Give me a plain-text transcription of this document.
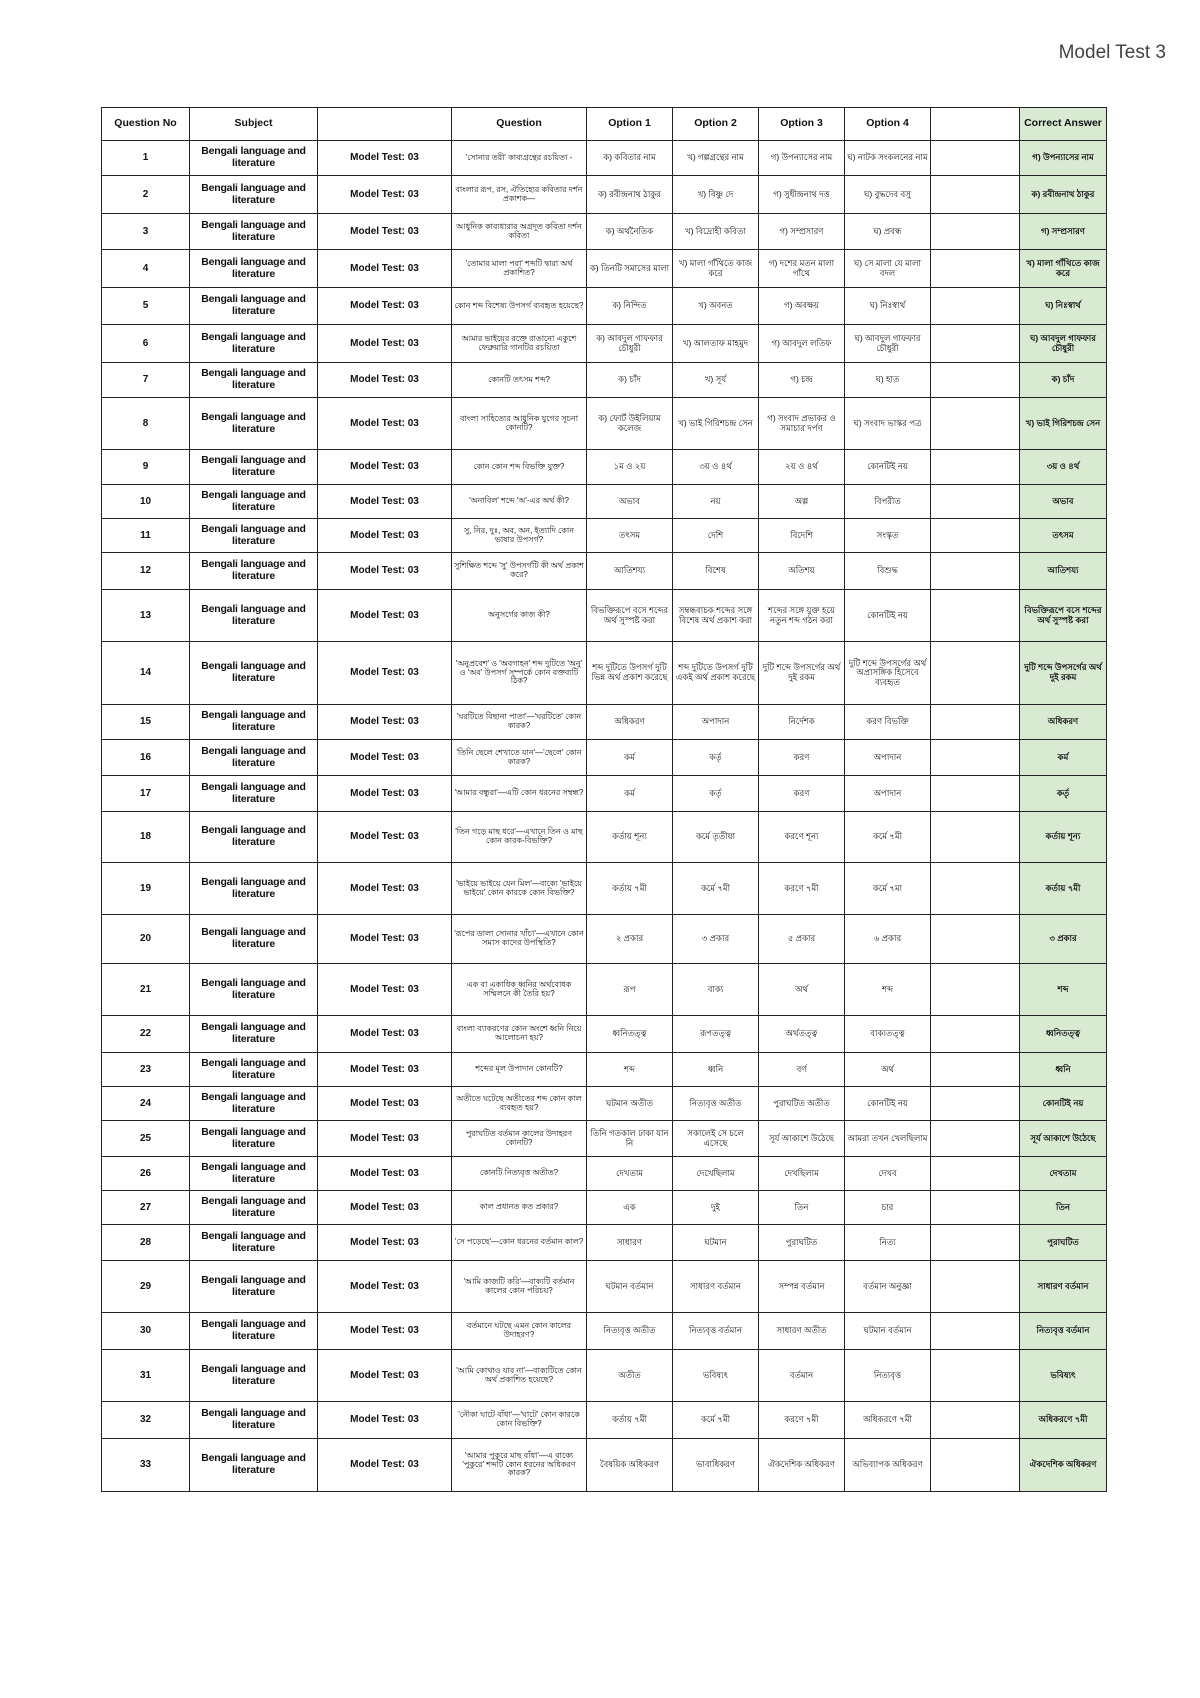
Model Test 3
Question No	Subject		Question	Option 1	Option 2	Option 3	Option 4		Correct Answer
1	Bengali language and literature	Model Test: 03	'সোনার তরী' কাব্যগ্রন্থের রচয়িতা -	ক) কবিতার নাম	খ) গল্পগ্রন্থের নাম	গ) উপন্যাসের নাম	ঘ) নাটক সংকলনের নাম		গ) উপন্যাসের নাম
2	Bengali language and literature	Model Test: 03	বাংলার রূপ, রস, ঐতিহ্যের কবিতার দর্শন প্রকাশক—	ক) রবীন্দ্রনাথ ঠাকুর	খ) বিষ্ণু দে	গ) সুধীন্দ্রনাথ দত্ত	ঘ) বুদ্ধদেব বসু		ক) রবীন্দ্রনাথ ঠাকুর
3	Bengali language and literature	Model Test: 03	আধুনিক কাব্যধারার অগ্রদূত কবিতা দর্শন কবিতা	ক) অর্থনৈতিক	খ) বিদ্রোহী কবিতা	গ) সম্প্রসারণ	ঘ) প্রবন্ধ		গ) সম্প্রসারণ
4	Bengali language and literature	Model Test: 03	'তোমার মালা পরা' শব্দটি দ্বারা অর্থ প্রকাশিত?	ক) তিনটি সমাসের মালা	খ) মালা গাঁথিতে কাজ করে	গ) দশের মতন মালা গাঁথে	ঘ) সে মালা যে মালা বদল		খ) মালা গাঁথিতে কাজ করে
5	Bengali language and literature	Model Test: 03	কোন শব্দ বিশেষ্য উপসর্গ ব্যবহৃত হয়েছে?	ক) নিন্দিত	খ) অবনত	গ) অবক্ষয়	ঘ) নিঃস্বার্থ		ঘ) নিঃস্বার্থ
6	Bengali language and literature	Model Test: 03	আমার ভাইয়ের রক্তে রাঙানো একুশে ফেব্রুয়ারি গানটির রচয়িতা	ক) আবদুল গাফফার চৌধুরী	খ) আলতাফ মাহমুদ	গ) আবদুল লতিফ	ঘ) আবদুল গাফফার চৌধুরী		ঘ) আবদুল গাফফার চৌধুরী
7	Bengali language and literature	Model Test: 03	কোনটি তৎসম শব্দ?	ক) চাঁদ	খ) সূর্য	গ) চন্দ্র	ঘ) হাত		ক) চাঁদ
8	Bengali language and literature	Model Test: 03	বাংলা সাহিত্যের আধুনিক যুগের সূচনা কোনটি?	ক) ফোর্ট উইলিয়াম কলেজ	খ) ভাই গিরিশচন্দ্র সেন	গ) সংবাদ প্রভাকর ও সমাচার দর্পণ	ঘ) সংবাদ ভাস্কর পত্র		খ) ভাই গিরিশচন্দ্র সেন
9	Bengali language and literature	Model Test: 03	কোন কোন শব্দ বিভক্তি যুক্ত?	১ম ও ২য়	৩য় ও ৪র্থ	২য় ও ৪র্থ	কোনটিই নয়		৩য় ও ৪র্থ
10	Bengali language and literature	Model Test: 03	'অনাবিল' শব্দে 'অ'-এর অর্থ কী?	অভাব	নয়	অল্প	বিপরীত		অভাব
11	Bengali language and literature	Model Test: 03	সু, নির, দুঃ, অব, অন, ইত্যাদি কোন ভাষার উপসর্গ?	তৎসম	দেশি	বিদেশি	সংস্কৃত		তৎসম
12	Bengali language and literature	Model Test: 03	সুশিক্ষিত শব্দে 'সু' উপসর্গটি কী অর্থ প্রকাশ করে?	আতিশয্য	বিশেষ	অতিশয়	বিশুদ্ধ		আতিশয্য
13	Bengali language and literature	Model Test: 03	অনুসর্গের কাজ কী?	বিভক্তিরূপে বসে শব্দের অর্থ সুস্পষ্ট করা	সম্বন্ধবাচক শব্দের সঙ্গে বিশেষ অর্থ প্রকাশ করা	শব্দের সঙ্গে যুক্ত হয়ে নতুন শব্দ গঠন করা	কোনটিই নয়		বিভক্তিরূপে বসে শব্দের অর্থ সুস্পষ্ট করা
14	Bengali language and literature	Model Test: 03	'অনুপ্রবেশ' ও 'অবগাহন' শব্দ দুটিতে 'অনু' ও 'অব' উপসর্গ সম্পর্কে কোন বক্তব্যটি ঠিক?	শব্দ দুটিতে উপসর্গ দুটি ভিন্ন অর্থ প্রকাশ করেছে	শব্দ দুটিতে উপসর্গ দুটি একই অর্থ প্রকাশ করেছে	দুটি শব্দে উপসর্গের অর্থ দুই রকম	দুটি শব্দে উপসর্গের অর্থ অপ্রাসঙ্গিক হিসেবে ব্যবহৃত		দুটি শব্দে উপসর্গের অর্থ দুই রকম
15	Bengali language and literature	Model Test: 03	'ঘরটিতে বিছানা পাতা'—'ঘরটিতে' কোন কারক?	অধিকরণ	অপাদান	নির্দেশক	করণ বিভক্তি		অধিকরণ
16	Bengali language and literature	Model Test: 03	'তিনি ছেলে শেখাতে যান'—'ছেলে' কোন কারক?	কর্ম	কর্তৃ	করণ	অপাদান		কর্ম
17	Bengali language and literature	Model Test: 03	'আমার বন্ধুরা'—এটি কোন ধরনের সম্বন্ধ?	কর্ম	কর্তৃ	করণ	অপাদান		কর্তৃ
18	Bengali language and literature	Model Test: 03	'তিন গড়ে মাছ ধরে'—এখানে তিন ও মাছ কোন কারক-বিভক্তি?	কর্তায় শূন্য	কর্মে তৃতীয়া	করণে শূন্য	কর্মে ৭মী		কর্তায় শূন্য
19	Bengali language and literature	Model Test: 03	'ভাইয়ে ভাইয়ে যেন মিল'—বাক্যে 'ভাইয়ে ভাইয়ে' কোন কারকে কোন বিভক্তি?	কর্তায় ৭মী	কর্মে ৭মী	করণে ৭মী	কর্মে ৭মা		কর্তায় ৭মী
20	Bengali language and literature	Model Test: 03	'রূপের ডালা সোনার খাঁচা'—এখানে কোন সমাস কাদের উপস্থিতি?	২ প্রকার	৩ প্রকার	৫ প্রকার	৬ প্রকার		৩ প্রকার
21	Bengali language and literature	Model Test: 03	এক বা একাধিক ধ্বনির অর্থবোধক সম্মিলনে কী তৈরি হয়?	রূপ	বাক্য	অর্থ	শব্দ		শব্দ
22	Bengali language and literature	Model Test: 03	বাংলা ব্যাকরণের কোন অংশে ধ্বনি নিয়ে আলোচনা হয়?	ধ্বনিতত্ত্ব	রূপতত্ত্ব	অর্থতত্ত্ব	বাক্যতত্ত্ব		ধ্বনিতত্ত্ব
23	Bengali language and literature	Model Test: 03	শব্দের মূল উপাদান কোনটি?	শব্দ	ধ্বনি	বর্ণ	অর্থ		ধ্বনি
24	Bengali language and literature	Model Test: 03	অতীতে ঘটেছে অতীতের শব্দ কোন কাল ব্যবহৃত হয়?	ঘটমান অতীত	নিত্যবৃত্ত অতীত	পুরাঘটিত অতীত	কোনটিই নয়		কোনটিই নয়
25	Bengali language and literature	Model Test: 03	পুরাঘটিত বর্তমান কালের উদাহরণ কোনটি?	তিনি গতকাল ঢাকা যান নি	সকালেই সে চলে এসেছে	সূর্য আকাশে উঠেছে	আমরা তখন খেলছিলাম		সূর্য আকাশে উঠেছে
26	Bengali language and literature	Model Test: 03	কোনটি নিত্যবৃত্ত অতীত?	দেখতাম	দেখেছিলাম	দেখছিলাম	দেখব		দেখতাম
27	Bengali language and literature	Model Test: 03	কাল প্রধানত কত প্রকার?	এক	দুই	তিন	চার		তিন
28	Bengali language and literature	Model Test: 03	'সে পড়েছে'—কোন ধরনের বর্তমান কাল?	সাধারণ	ঘটমান	পুরাঘটিত	নিত্য		পুরাঘটিত
29	Bengali language and literature	Model Test: 03	'আমি কাজটি করি'—বাক্যটি বর্তমান কালের কোন পরিচয়?	ঘটমান বর্তমান	সাধারণ বর্তমান	সম্পন্ন বর্তমান	বর্তমান অনুজ্ঞা		সাধারণ বর্তমান
30	Bengali language and literature	Model Test: 03	বর্তমানে ঘটছে এমন কোন কালের উদাহরণ?	নিত্যবৃত্ত অতীত	নিত্যবৃত্ত বর্তমান	সাধারণ অতীত	ঘটমান বর্তমান		নিত্যবৃত্ত বর্তমান
31	Bengali language and literature	Model Test: 03	'আমি কোথাও যাব না'—বাক্যটিতে কোন অর্থ প্রকাশিত হয়েছে?	অতীত	ভবিষ্যৎ	বর্তমান	নিত্যবৃত্ত		ভবিষ্যৎ
32	Bengali language and literature	Model Test: 03	'নৌকা ঘাটে বাঁধা'—'ঘাটে' কোন কারকে কোন বিভক্তি?	কর্তায় ৭মী	কর্মে ৭মী	করণে ৭মী	অধিকরণে ৭মী		অধিকরণে ৭মী
33	Bengali language and literature	Model Test: 03	'আমার পুকুরে মাছ বাঁধা'—এ বাক্যে 'পুকুরে' শব্দটি কোন ধরনের অধিকরণ কারক?	বৈষয়িক অধিকরণ	ভাবাধিকরণ	ঐকদেশিক অধিকরণ	অভিব্যাপক অধিকরণ		ঐকদেশিক অধিকরণ
